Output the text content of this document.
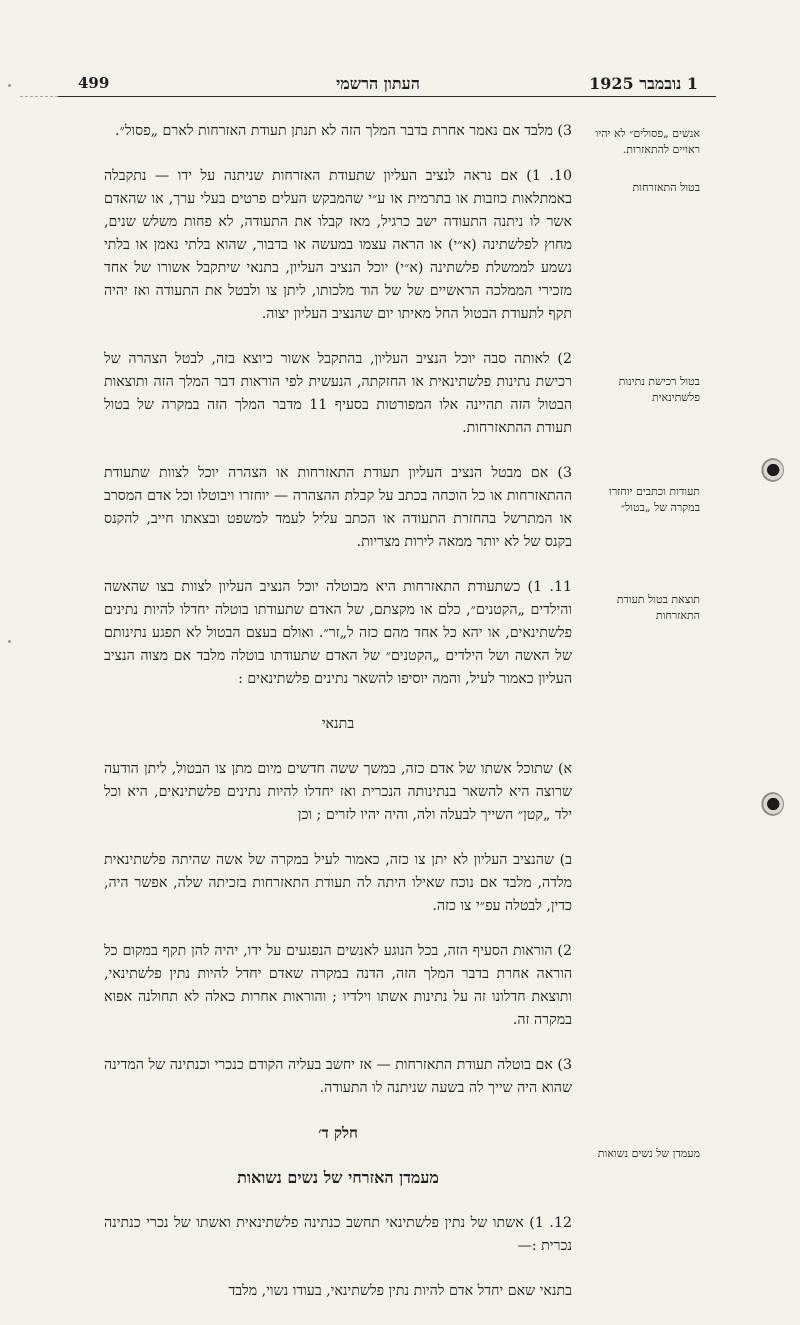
499	העתון הרשמי	1 נובמבר 1925
אנשים „פסולים״ לא יהיו ראויים להתאזרות.
בטול התאזרחות
בטול רכישת נתינות פלשתינאית
תעודות וכתבים יוחזרו במקרה של „בטול״
תוצאת בטול תעודת התאזרחות
מעמדן של נשים נשואות

3) מלבד אם נאמר אחרת בדבר המלך הזה לא תנתן תעודת האזרחות לארם „פסול״.

10. 1) אם נראה לנציב העליון שתעודת האזרחות שניתנה על ידו — נתקבלה באמתלאות כוזבות או בתרמית או ע״י שהמבקש העלים פרטים בעלי ערך, או שהאדם אשר לו ניתנה התעודה ישב כרגיל, מאז קבלו את התעודה, לא פחות משלש שנים, מחוץ לפלשתינה (א״י) או הראה עצמו במעשה או בדבור, שהוא בלתי נאמן או בלתי נשמע לממשלת פלשתינה (א״י) יוכל הנציב העליון, בתנאי שיתקבל אשורו של אחד מזכירי הממלכה הראשיים של של הוד מלכותו, ליתן צו ולבטל את התעודה ואז יהיה תקף לתעודת הבטול החל מאיתו יום שהנציב העליון יצוה.

2) לאותה סבה יוכל הנציב העליון, בהתקבל אשור כיוצא בזה, לבטל הצהרה של רכישת נתינות פלשתינאית או החזקתה, הנעשית לפי הוראות דבר המלך הזה ותוצאות הבטול הזה תהיינה אלו המפורטות בסעיף 11 מדבר המלך הזה במקרה של בטול תעודת ההתאזרחות.

3) אם מבטל הנציב העליון תעודת התאזרחות או הצהרה יוכל לצוות שתעודת ההתאזרחות או כל הוכחה בכתב על קבלת ההצהרה — יוחזרו ויבוטלו וכל אדם המסרב או המתרשל בהחזרת התעודה או הכתב עליל לעמד למשפט ובצאתו חייב, להקנס בקנס של לא יותר ממאה לירות מצריות.

11. 1) כשתעודת התאזרחות היא מבוטלה יוכל הנציב העליון לצוות בצו שהאשה והילדים „הקטנים״, כלם או מקצתם, של האדם שתעודתו בוטלה יחדלו להיות נתינים פלשתינאים, או יהא כל אחד מהם כזה ל„זר״. ואולם בעצם הבטול לא תפגע נתינותם של האשה ושל הילדים „הקטנים״ של האדם שתעודתו בוטלה מלבד אם מצוה הנציב העליון כאמור לעיל, והמה יוסיפו להשאר נתינים פלשתינאים :

בתנאי

א) שתוכל אשתו של אדם כזה, במשך ששה חדשים מיום מתן צו הבטול, ליתן הודעה שרוצה היא להשאר בנתינותה הנכרית ואז יחדלו להיות נתינים פלשתינאים, היא וכל ילד „קטן״ השייך לבעלה ולה, והיה יהיו לזרים ; וכן

ב) שהנציב העליון לא יתן צו כזה, כאמור לעיל במקרה של אשה שהיתה פלשתינאית מלדה, מלבד אם נוכח שאילו היתה לה תעודת התאזרחות בזכיתה שלה, אפשר היה, כדין, לבטלה עפ״י צו כזה.

2) הוראות הסעיף הזה, בכל הנוגע לאנשים הנפגעים על ידו, יהיה להן תקף במקום כל הוראה אחרת בדבר המלך הזה, הדנה במקרה שאדם יחדל להיות נתין פלשתינאי, ותוצאת חדלונו זה על נתינות אשתו וילדיו ; והוראות אחרות כאלה לא תחולנה אפוא במקרה זה.

3) אם בוטלה תעודת התאזרחות — אז יחשב בעליה הקודם כנכרי וכנתינה של המדינה שהוא היה שייך לה בשעה שניתנה לו התעודה.

חלק ד׳

מעמדן האזרחי של נשים נשואות

12. 1) אשתו של נתין פלשתינאי תחשב כנתינה פלשתינאית ואשתו של נכרי כנתינה נכרית :—

בתנאי שאם יחדל אדם להיות נתין פלשתינאי, בעודו נשוי, מלבד
